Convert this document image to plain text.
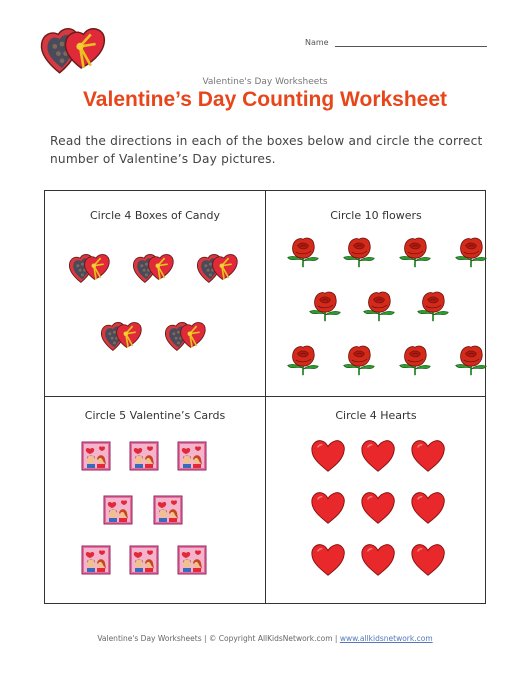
Name
Valentine's Day Worksheets
Valentine’s Day Counting Worksheet
Read the directions in each of the boxes below and circle the correct number of Valentine’s Day pictures.
Circle 4 Boxes of Candy	Circle 10 flowers
Circle 5 Valentine’s Cards	Circle 4 Hearts
Valentine's Day Worksheets | © Copyright AllKidsNetwork.com | www.allkidsnetwork.com
